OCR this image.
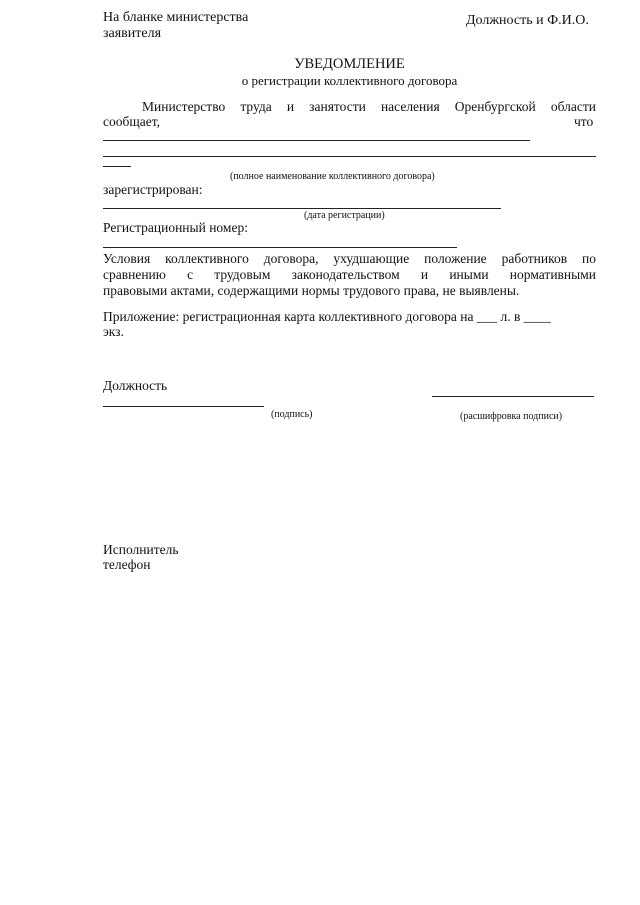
На бланке министерства
заявителя
Должность и Ф.И.О.
УВЕДОМЛЕНИЕ
о регистрации коллективного договора
Министерство труда и занятости населения Оренбургской области
сообщает,	что
(полное наименование коллективного договора)
зарегистрирован:
(дата регистрации)
Регистрационный номер:
Условия коллективного договора, ухудшающие положение работников по
сравнению с трудовым законодательством и иными нормативными
правовыми актами, содержащими нормы трудового права, не выявлены.
Приложение: регистрационная карта коллективного договора на ___ л. в ____
экз.
Должность
(подпись)	(расшифровка подписи)
Исполнитель
телефон
